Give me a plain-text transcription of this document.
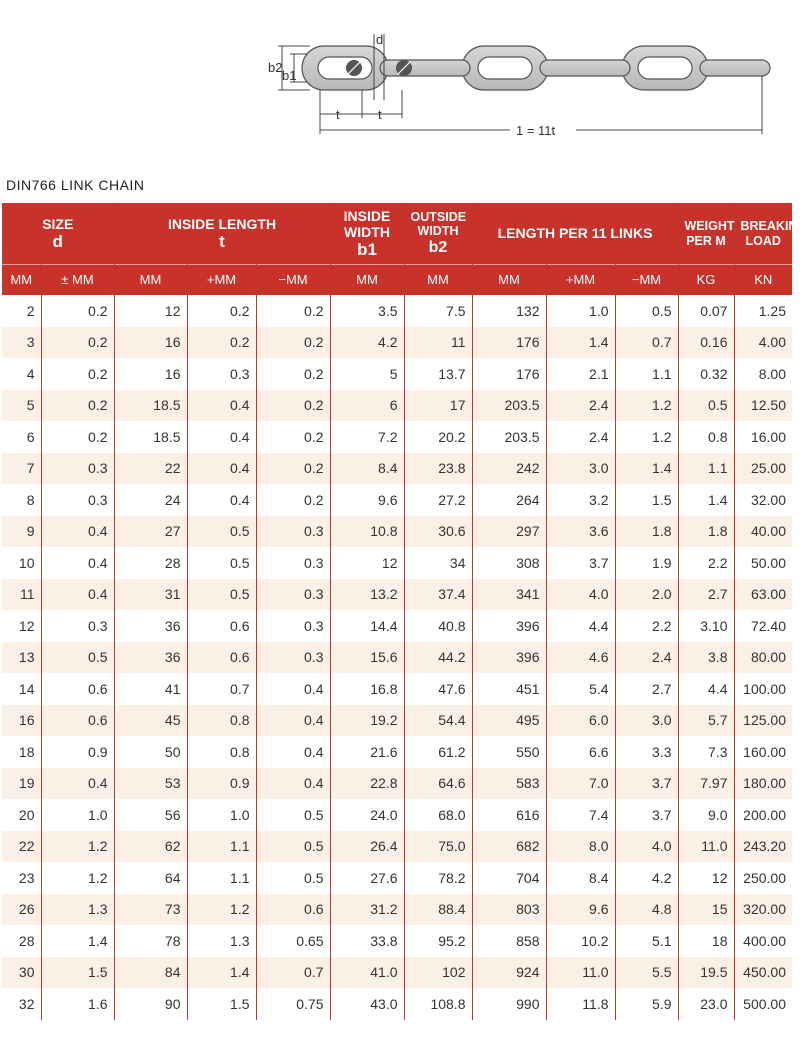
b2
b1
d
t	t
1 = 11t
DIN766 LINK CHAIN
SIZE
d		INSIDE LENGTH
t			INSIDE
WIDTH
b1	OUTSIDE
WIDTH
b2	LENGTH PER 11 LINKS			WEIGHT
PER M	BREAKING
LOAD

MM	± MM	MM	+MM	−MM	MM	MM	MM	+MM	−MM	KG	KN
2	0.2	12	0.2	0.2	3.5	7.5	132	1.0	0.5	0.07	1.25
3	0.2	16	0.2	0.2	4.2	11	176	1.4	0.7	0.16	4.00
4	0.2	16	0.3	0.2	5	13.7	176	2.1	1.1	0.32	8.00
5	0.2	18.5	0.4	0.2	6	17	203.5	2.4	1.2	0.5	12.50
6	0.2	18.5	0.4	0.2	7.2	20.2	203.5	2.4	1.2	0.8	16.00
7	0.3	22	0.4	0.2	8.4	23.8	242	3.0	1.4	1.1	25.00
8	0.3	24	0.4	0.2	9.6	27.2	264	3.2	1.5	1.4	32.00
9	0.4	27	0.5	0.3	10.8	30.6	297	3.6	1.8	1.8	40.00
10	0.4	28	0.5	0.3	12	34	308	3.7	1.9	2.2	50.00
11	0.4	31	0.5	0.3	13.2	37.4	341	4.0	2.0	2.7	63.00
12	0.3	36	0.6	0.3	14.4	40.8	396	4.4	2.2	3.10	72.40
13	0.5	36	0.6	0.3	15.6	44.2	396	4.6	2.4	3.8	80.00
14	0.6	41	0.7	0.4	16.8	47.6	451	5.4	2.7	4.4	100.00
16	0.6	45	0.8	0.4	19.2	54.4	495	6.0	3.0	5.7	125.00
18	0.9	50	0.8	0.4	21.6	61.2	550	6.6	3.3	7.3	160.00
19	0.4	53	0.9	0.4	22.8	64.6	583	7.0	3.7	7.97	180.00
20	1.0	56	1.0	0.5	24.0	68.0	616	7.4	3.7	9.0	200.00
22	1.2	62	1.1	0.5	26.4	75.0	682	8.0	4.0	11.0	243.20
23	1.2	64	1.1	0.5	27.6	78.2	704	8.4	4.2	12	250.00
26	1.3	73	1.2	0.6	31.2	88.4	803	9.6	4.8	15	320.00
28	1.4	78	1.3	0.65	33.8	95.2	858	10.2	5.1	18	400.00
30	1.5	84	1.4	0.7	41.0	102	924	11.0	5.5	19.5	450.00
32	1.6	90	1.5	0.75	43.0	108.8	990	11.8	5.9	23.0	500.00
